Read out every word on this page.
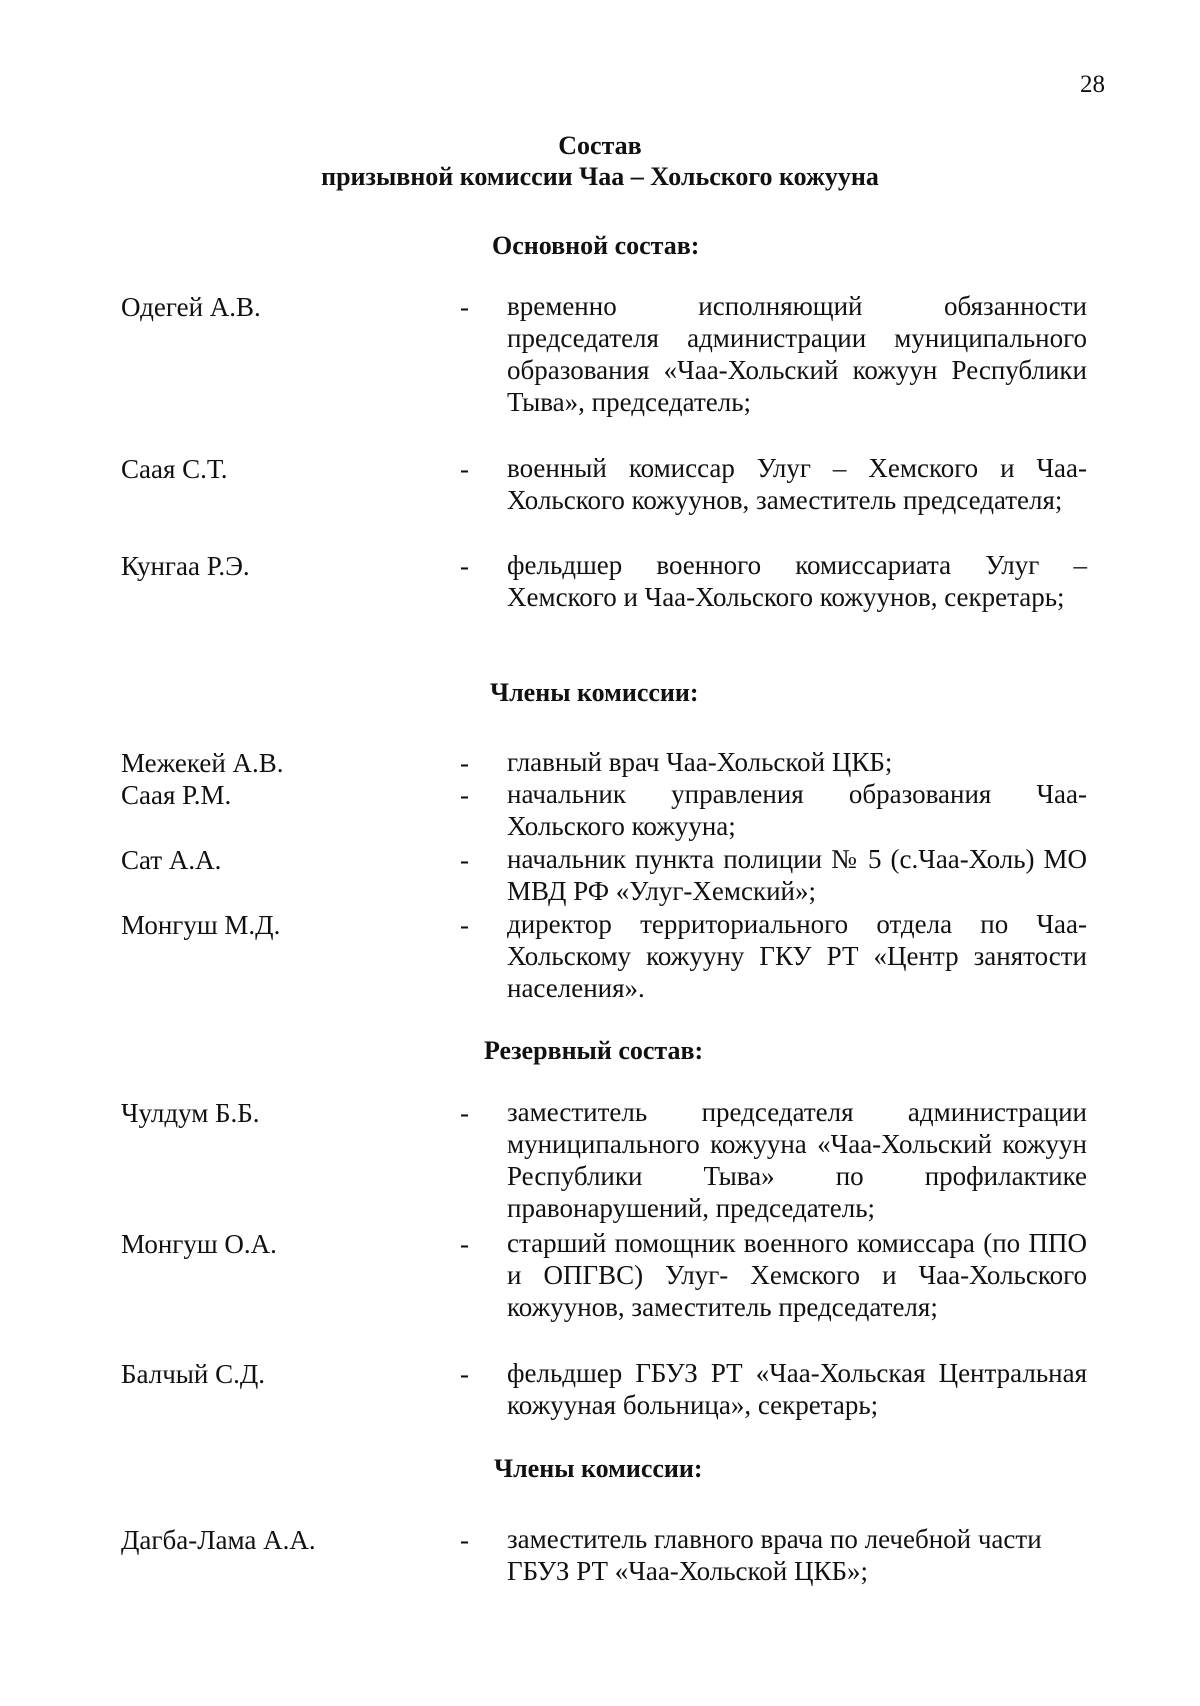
28
Состав
призывной комиссии Чаа – Хольского кожууна
Основной состав:
Одегей А.В.	- временно исполняющий обязанности председателя администрации муниципального образования «Чаа-Хольский кожуун Республики Тыва», председатель;
Саая С.Т.	- военный комиссар Улуг – Хемского и Чаа-Хольского кожуунов, заместитель председателя;
Кунгаа Р.Э.	- фельдшер военного комиссариата Улуг – Хемского и Чаа-Хольского кожуунов, секретарь;
Члены комиссии:
Межекей А.В.	- главный врач Чаа-Хольской ЦКБ;
Саая Р.М.	- начальник управления образования Чаа-Хольского кожууна;
Сат А.А.	- начальник пункта полиции № 5 (с.Чаа-Холь) МО МВД РФ «Улуг-Хемский»;
Монгуш М.Д.	- директор территориального отдела по Чаа-Хольскому кожууну ГКУ РТ «Центр занятости населения».
Резервный состав:
Чулдум Б.Б.	- заместитель председателя администрации муниципального кожууна «Чаа-Хольский кожуун Республики Тыва» по профилактике правонарушений, председатель;
Монгуш О.А.	- старший помощник военного комиссара (по ППО и ОПГВС) Улуг- Хемского и Чаа-Хольского кожуунов, заместитель председателя;
Балчый С.Д.	- фельдшер ГБУЗ РТ «Чаа-Хольская Центральная кожууная больница», секретарь;
Члены комиссии:
Дагба-Лама А.А.	- заместитель главного врача по лечебной части ГБУЗ РТ «Чаа-Хольской ЦКБ»;
